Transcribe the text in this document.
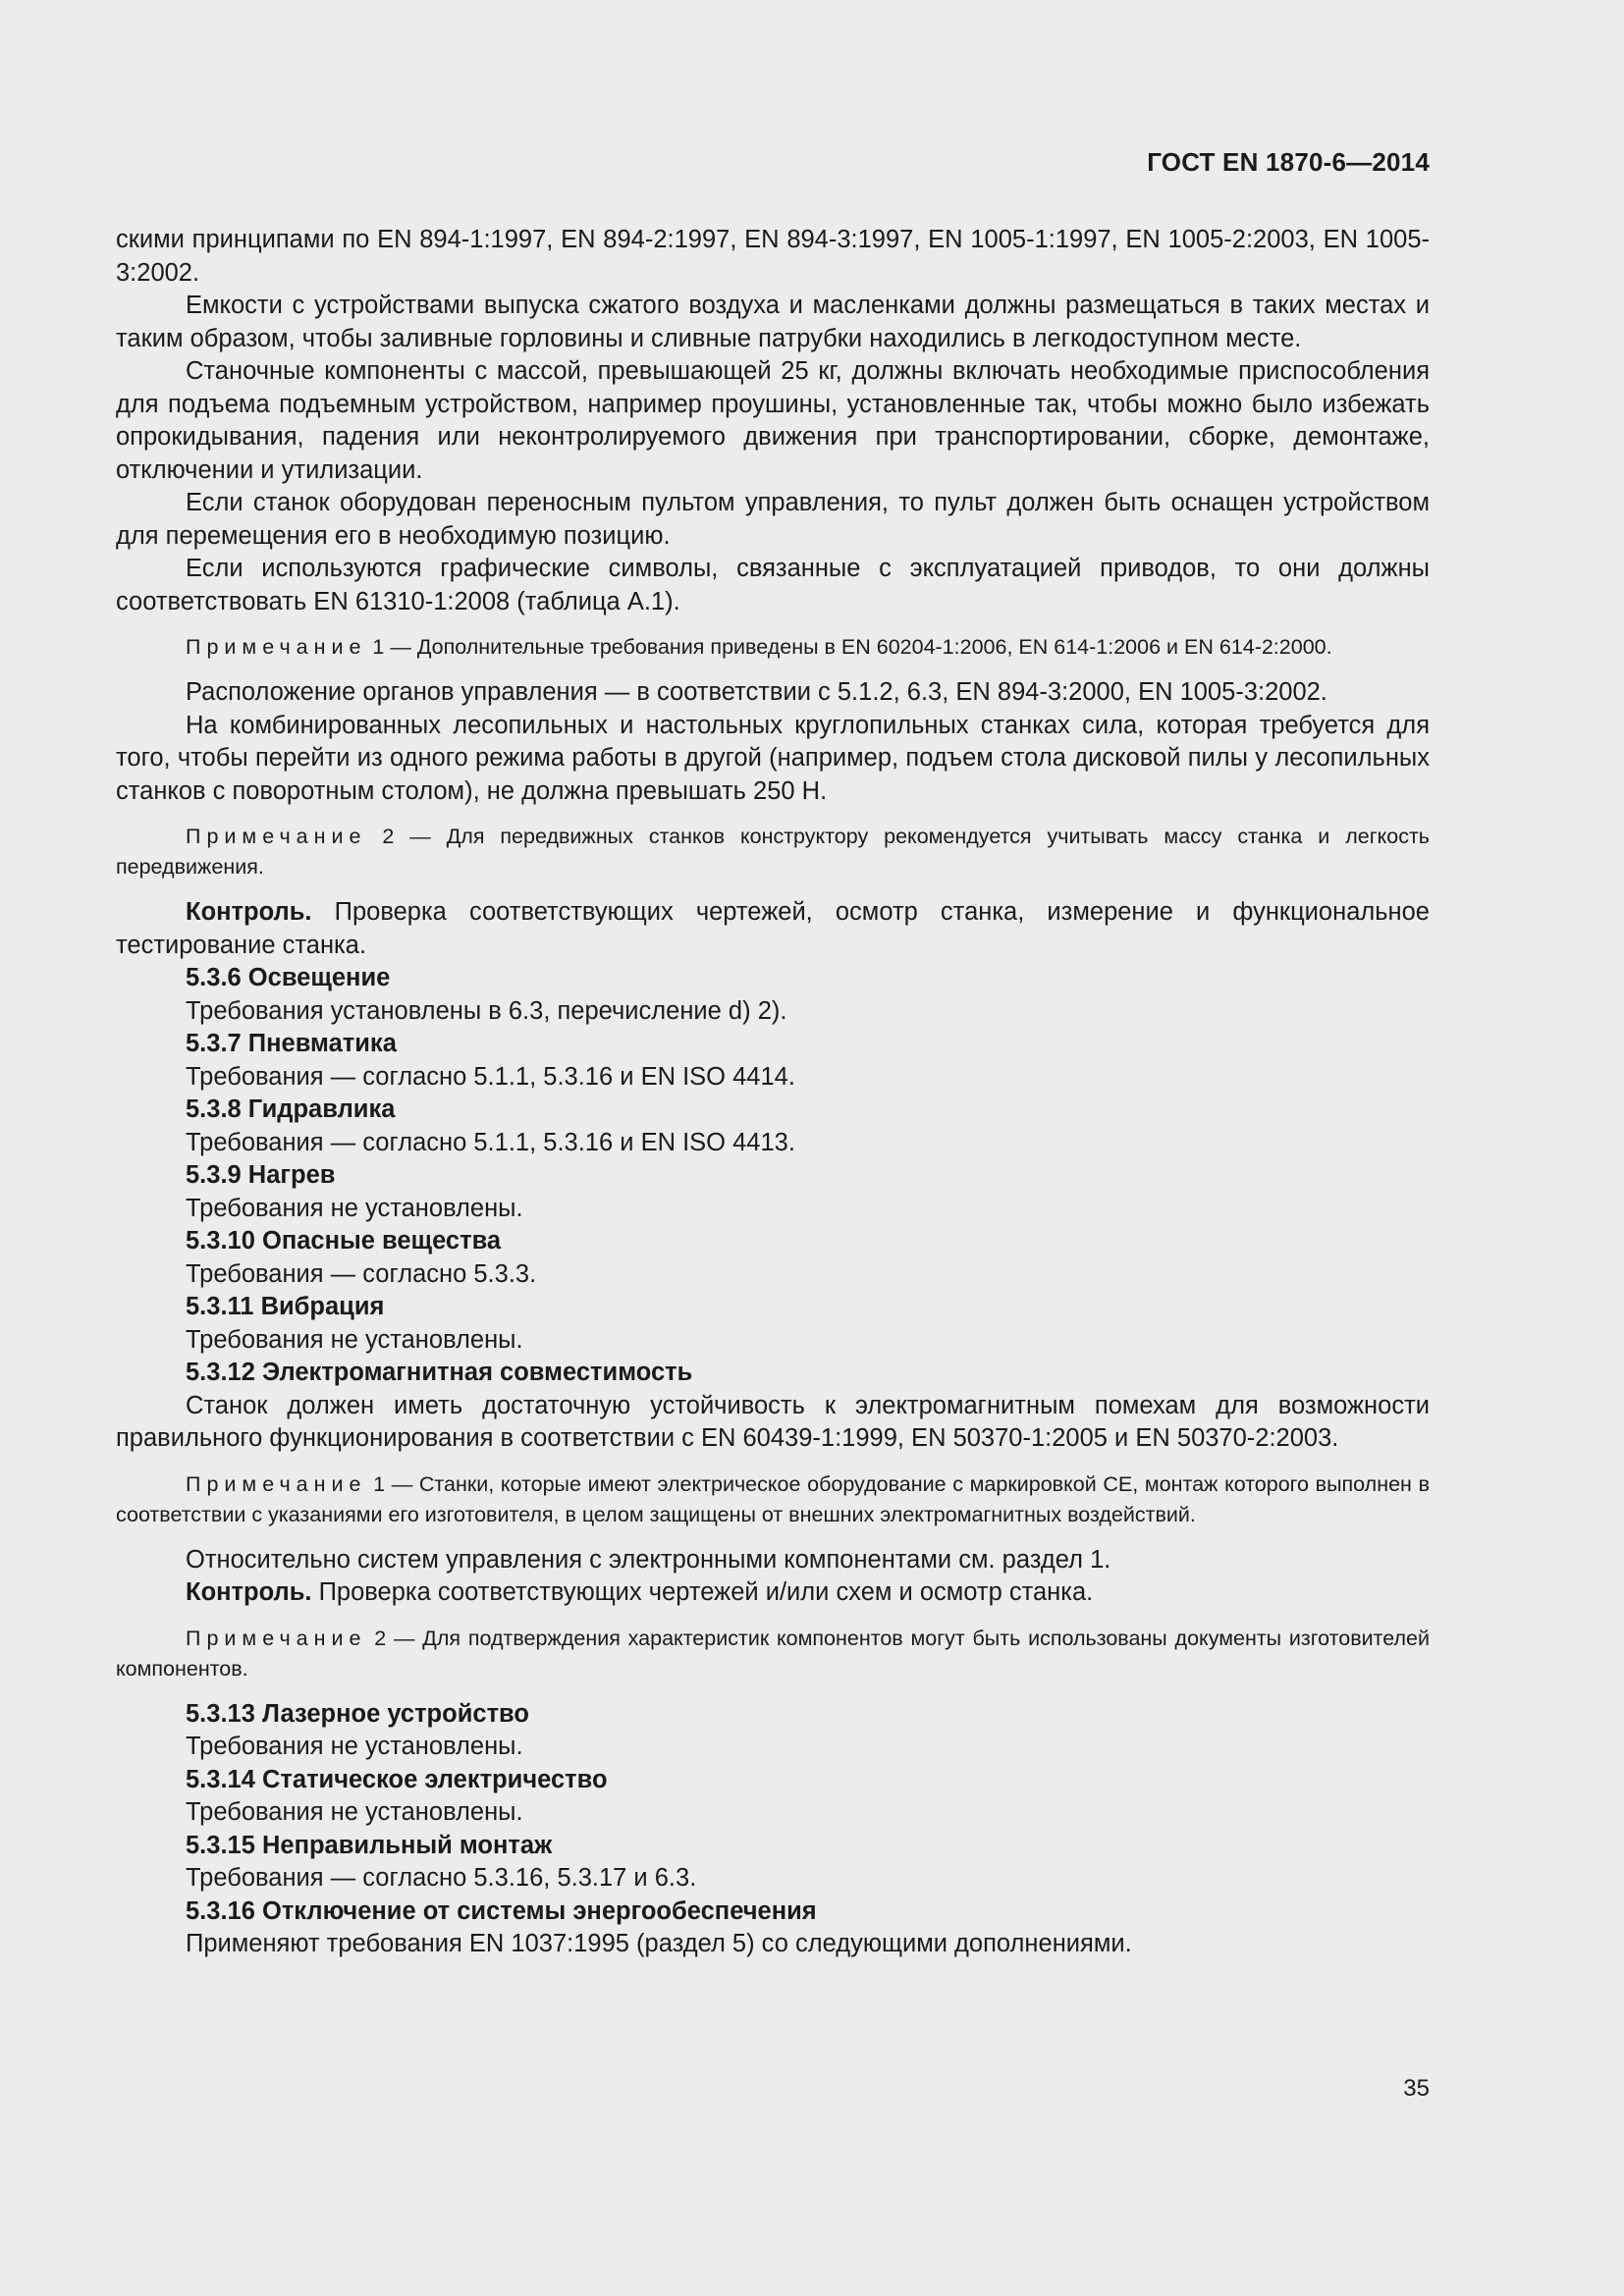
ГОСТ EN 1870-6—2014

скими принципами по EN 894-1:1997, EN 894-2:1997, EN 894-3:1997, EN 1005-1:1997, EN 1005-2:2003, EN 1005-3:2002.

Емкости с устройствами выпуска сжатого воздуха и масленками должны размещаться в таких местах и таким образом, чтобы заливные горловины и сливные патрубки находились в легкодоступном месте.

Станочные компоненты с массой, превышающей 25 кг, должны включать необходимые приспособления для подъема подъемным устройством, например проушины, установленные так, чтобы можно было избежать опрокидывания, падения или неконтролируемого движения при транспортировании, сборке, демонтаже, отключении и утилизации.

Если станок оборудован переносным пультом управления, то пульт должен быть оснащен устройством для перемещения его в необходимую позицию.

Если используются графические символы, связанные с эксплуатацией приводов, то они должны соответствовать EN 61310-1:2008 (таблица А.1).

Примечание 1 — Дополнительные требования приведены в EN 60204-1:2006, EN 614-1:2006 и EN 614-2:2000.

Расположение органов управления — в соответствии с 5.1.2, 6.3, EN 894-3:2000, EN 1005-3:2002.

На комбинированных лесопильных и настольных круглопильных станках сила, которая требуется для того, чтобы перейти из одного режима работы в другой (например, подъем стола дисковой пилы у лесопильных станков с поворотным столом), не должна превышать 250 Н.

Примечание 2 — Для передвижных станков конструктору рекомендуется учитывать массу станка и легкость передвижения.

Контроль. Проверка соответствующих чертежей, осмотр станка, измерение и функциональное тестирование станка.

5.3.6 Освещение

Требования установлены в 6.3, перечисление d) 2).

5.3.7 Пневматика

Требования — согласно 5.1.1, 5.3.16 и EN ISO 4414.

5.3.8 Гидравлика

Требования — согласно 5.1.1, 5.3.16 и EN ISO 4413.

5.3.9 Нагрев

Требования не установлены.

5.3.10 Опасные вещества

Требования — согласно 5.3.3.

5.3.11 Вибрация

Требования не установлены.

5.3.12 Электромагнитная совместимость

Станок должен иметь достаточную устойчивость к электромагнитным помехам для возможности правильного функционирования в соответствии с EN 60439-1:1999, EN 50370-1:2005 и EN 50370-2:2003.

Примечание 1 — Станки, которые имеют электрическое оборудование с маркировкой СЕ, монтаж которого выполнен в соответствии с указаниями его изготовителя, в целом защищены от внешних электромагнитных воздействий.

Относительно систем управления с электронными компонентами см. раздел 1.

Контроль. Проверка соответствующих чертежей и/или схем и осмотр станка.

Примечание 2 — Для подтверждения характеристик компонентов могут быть использованы документы изготовителей компонентов.

5.3.13 Лазерное устройство

Требования не установлены.

5.3.14 Статическое электричество

Требования не установлены.

5.3.15 Неправильный монтаж

Требования — согласно 5.3.16, 5.3.17 и 6.3.

5.3.16 Отключение от системы энергообеспечения

Применяют требования EN 1037:1995 (раздел 5) со следующими дополнениями.

35
